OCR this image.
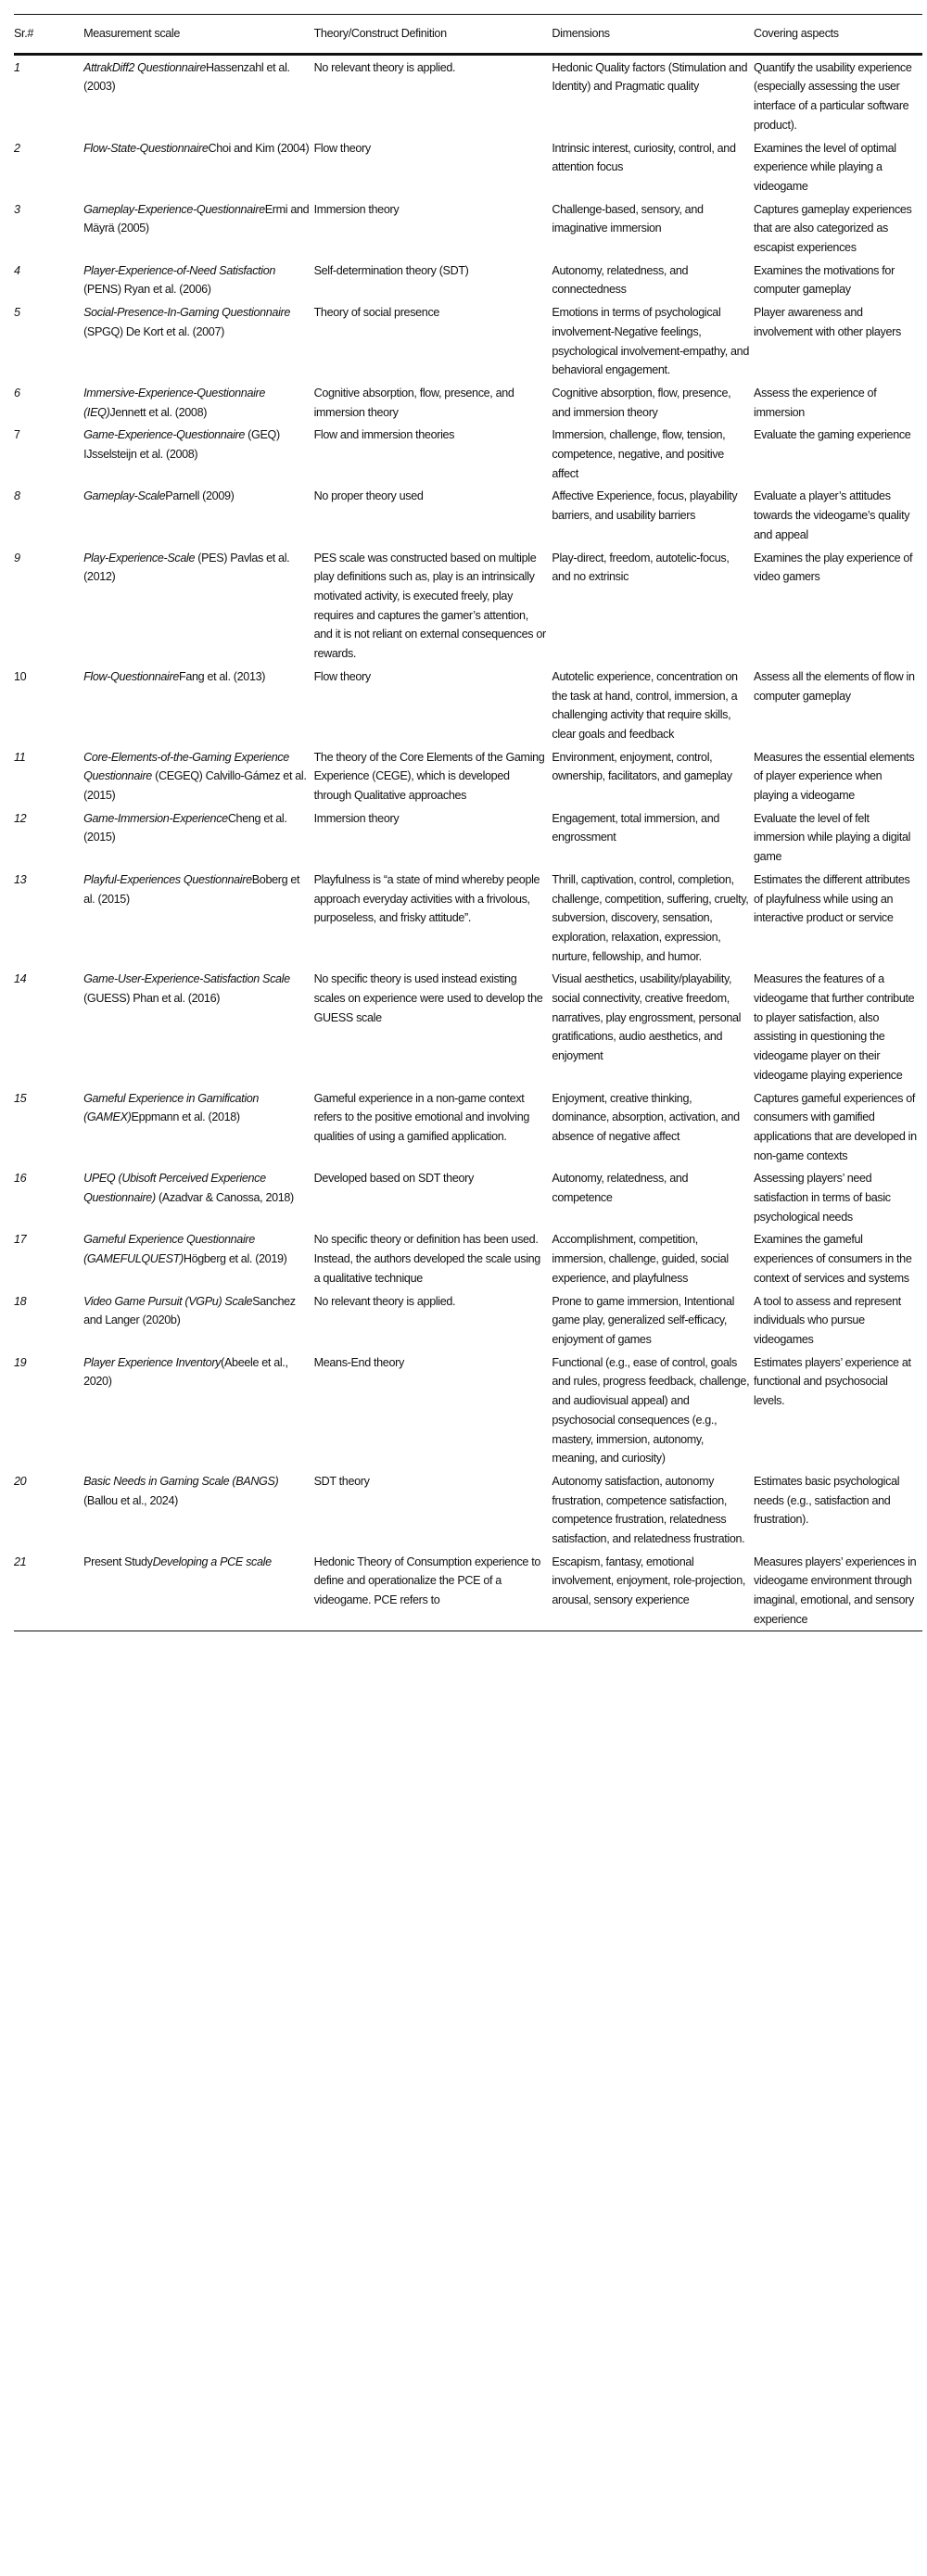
Sr.#	Measurement scale	Theory/Construct Definition	Dimensions	Covering aspects
1	AttrakDiff2 QuestionnaireHassenzahl et al. (2003)	No relevant theory is applied.	Hedonic Quality factors (Stimulation and Identity) and Pragmatic quality	Quantify the usability experience (especially assessing the user interface of a particular software product).
2	Flow-State-QuestionnaireChoi and Kim (2004)	Flow theory	Intrinsic interest, curiosity, control, and attention focus	Examines the level of optimal experience while playing a videogame
3	Gameplay-Experience-QuestionnaireErmi and Mäyrä (2005)	Immersion theory	Challenge-based, sensory, and imaginative immersion	Captures gameplay experiences that are also categorized as escapist experiences
4	Player-Experience-of-Need Satisfaction (PENS) Ryan et al. (2006)	Self-determination theory (SDT)	Autonomy, relatedness, and connectedness	Examines the motivations for computer gameplay
5	Social-Presence-In-Gaming Questionnaire (SPGQ) De Kort et al. (2007)	Theory of social presence	Emotions in terms of psychological involvement-Negative feelings, psychological involvement-empathy, and behavioral engagement.	Player awareness and involvement with other players
6	Immersive-Experience-Questionnaire (IEQ)Jennett et al. (2008)	Cognitive absorption, flow, presence, and immersion theory	Cognitive absorption, flow, presence, and immersion theory	Assess the experience of immersion
7	Game-Experience-Questionnaire (GEQ) IJsselsteijn et al. (2008)	Flow and immersion theories	Immersion, challenge, flow, tension, competence, negative, and positive affect	Evaluate the gaming experience
8	Gameplay-ScaleParnell (2009)	No proper theory used	Affective Experience, focus, playability barriers, and usability barriers	Evaluate a player’s attitudes towards the videogame’s quality and appeal
9	Play-Experience-Scale (PES) Pavlas et al. (2012)	PES scale was constructed based on multiple play definitions such as, play is an intrinsically motivated activity, is executed freely, play requires and captures the gamer’s attention, and it is not reliant on external consequences or rewards.	Play-direct, freedom, autotelic-focus, and no extrinsic	Examines the play experience of video gamers
10	Flow-QuestionnaireFang et al. (2013)	Flow theory	Autotelic experience, concentration on the task at hand, control, immersion, a challenging activity that require skills, clear goals and feedback	Assess all the elements of flow in computer gameplay
11	Core-Elements-of-the-Gaming Experience Questionnaire (CEGEQ) Calvillo-Gámez et al. (2015)	The theory of the Core Elements of the Gaming Experience (CEGE), which is developed through Qualitative approaches	Environment, enjoyment, control, ownership, facilitators, and gameplay	Measures the essential elements of player experience when playing a videogame
12	Game-Immersion-ExperienceCheng et al. (2015)	Immersion theory	Engagement, total immersion, and engrossment	Evaluate the level of felt immersion while playing a digital game
13	Playful-Experiences QuestionnaireBoberg et al. (2015)	Playfulness is “a state of mind whereby people approach everyday activities with a frivolous, purposeless, and frisky attitude”.	Thrill, captivation, control, completion, challenge, competition, suffering, cruelty, subversion, discovery, sensation, exploration, relaxation, expression, nurture, fellowship, and humor.	Estimates the different attributes of playfulness while using an interactive product or service
14	Game-User-Experience-Satisfaction Scale (GUESS) Phan et al. (2016)	No specific theory is used instead existing scales on experience were used to develop the GUESS scale	Visual aesthetics, usability/playability, social connectivity, creative freedom, narratives, play engrossment, personal gratifications, audio aesthetics, and enjoyment	Measures the features of a videogame that further contribute to player satisfaction, also assisting in questioning the videogame player on their videogame playing experience
15	Gameful Experience in Gamification (GAMEX)Eppmann et al. (2018)	Gameful experience in a non-game context refers to the positive emotional and involving qualities of using a gamified application.	Enjoyment, creative thinking, dominance, absorption, activation, and absence of negative affect	Captures gameful experiences of consumers with gamified applications that are developed in non-game contexts
16	UPEQ (Ubisoft Perceived Experience Questionnaire) (Azadvar & Canossa, 2018)	Developed based on SDT theory	Autonomy, relatedness, and competence	Assessing players’ need satisfaction in terms of basic psychological needs
17	Gameful Experience Questionnaire (GAMEFULQUEST)Högberg et al. (2019)	No specific theory or definition has been used. Instead, the authors developed the scale using a qualitative technique	Accomplishment, competition, immersion, challenge, guided, social experience, and playfulness	Examines the gameful experiences of consumers in the context of services and systems
18	Video Game Pursuit (VGPu) ScaleSanchez and Langer (2020b)	No relevant theory is applied.	Prone to game immersion, Intentional game play, generalized self-efficacy, enjoyment of games	A tool to assess and represent individuals who pursue videogames
19	Player Experience Inventory(Abeele et al., 2020)	Means-End theory	Functional (e.g., ease of control, goals and rules, progress feedback, challenge, and audiovisual appeal) and psychosocial consequences (e.g., mastery, immersion, autonomy, meaning, and curiosity)	Estimates players’ experience at functional and psychosocial levels.
20	Basic Needs in Gaming Scale (BANGS) (Ballou et al., 2024)	SDT theory	Autonomy satisfaction, autonomy frustration, competence satisfaction, competence frustration, relatedness satisfaction, and relatedness frustration.	Estimates basic psychological needs (e.g., satisfaction and frustration).
21	Present StudyDeveloping a PCE scale	Hedonic Theory of Consumption experience to define and operationalize the PCE of a videogame. PCE refers to	Escapism, fantasy, emotional involvement, enjoyment, role-projection, arousal, sensory experience	Measures players’ experiences in videogame environment through imaginal, emotional, and sensory experience
